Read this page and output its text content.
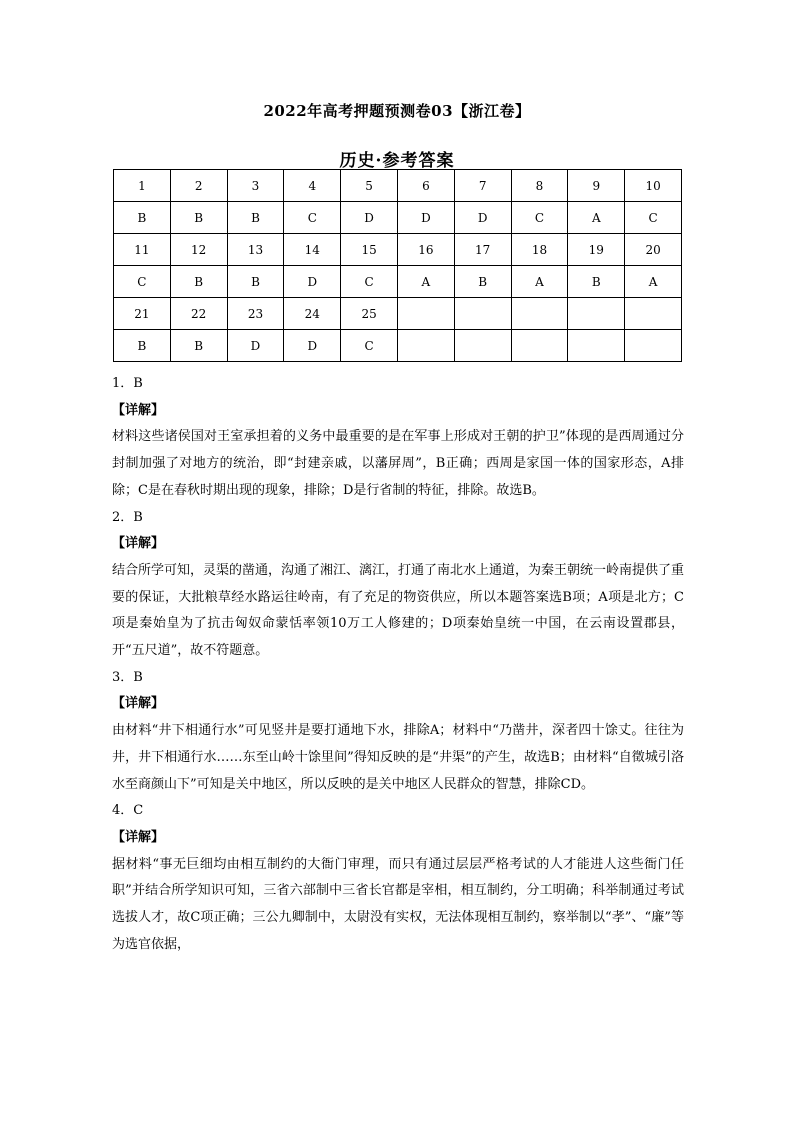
2022年高考押题预测卷03【浙江卷】
历史·参考答案
1	2	3	4	5	6	7	8	9	10
B	B	B	C	D	D	D	C	A	C
11	12	13	14	15	16	17	18	19	20
C	B	B	D	C	A	B	A	B	A
21	22	23	24	25					
B	B	D	D	C					

1．B

【详解】

材料这些诸侯国对王室承担着的义务中最重要的是在军事上形成对王朝的护卫”体现的是西周通过分封制加强了对地方的统治，即“封建亲戚，以藩屏周”，B正确；西周是家国一体的国家形态，A排除；C是在春秋时期出现的现象，排除；D是行省制的特征，排除。故选B。

2．B

【详解】

结合所学可知，灵渠的凿通，沟通了湘江、漓江，打通了南北水上通道，为秦王朝统一岭南提供了重要的保证，大批粮草经水路运往岭南，有了充足的物资供应，所以本题答案选B项；A项是北方；C项是秦始皇为了抗击匈奴命蒙恬率领10万工人修建的；D项秦始皇统一中国，在云南设置郡县，开“五尺道”，故不符题意。

3．B

【详解】

由材料“井下相通行水”可见竖井是要打通地下水，排除A；材料中“乃凿井，深者四十馀丈。往往为井，井下相通行水……东至山岭十馀里间”得知反映的是“井渠”的产生，故选B；由材料“自徵城引洛水至商颜山下”可知是关中地区，所以反映的是关中地区人民群众的智慧，排除CD。

4．C

【详解】

据材料“事无巨细均由相互制约的大衙门审理，而只有通过层层严格考试的人才能进人这些衙门任职”并结合所学知识可知，三省六部制中三省长官都是宰相，相互制约，分工明确；科举制通过考试选拔人才，故C项正确；三公九卿制中，太尉没有实权，无法体现相互制约，察举制以“孝”、“廉”等为选官依据，
